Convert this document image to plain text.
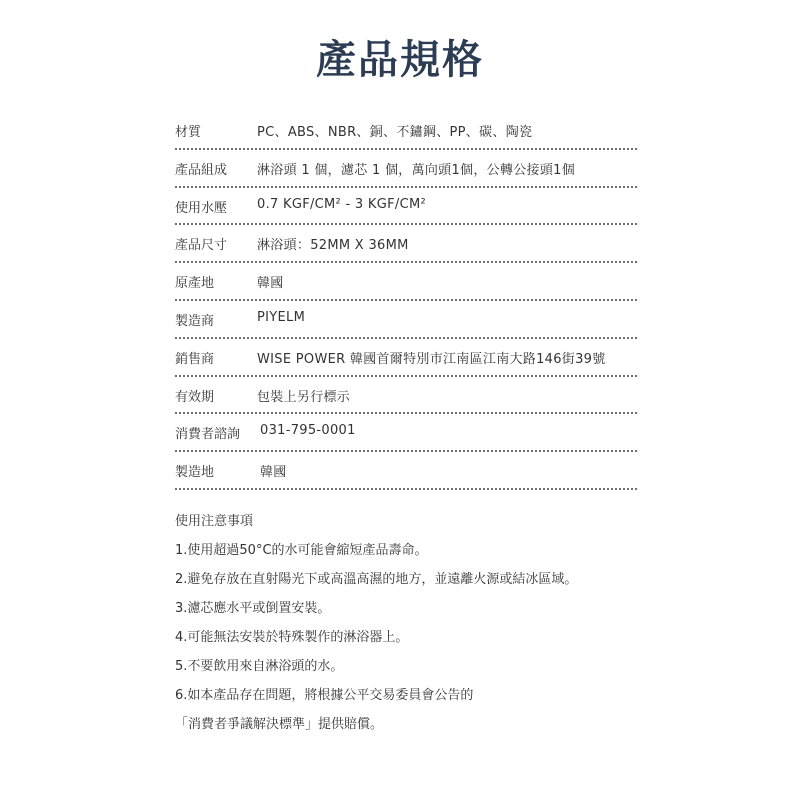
產品規格
材質	PC、ABS、NBR、銅、不鏽鋼、PP、碳、陶瓷
產品組成 淋浴頭 1 個，濾芯 1 個，萬向頭1個，公轉公接頭1個
使用水壓 0.7 KGF/CM² - 3 KGF/CM²
產品尺寸 淋浴頭：52MM X 36MM
原產地	韓國
製造商	PIYELM
銷售商	WISE POWER 韓國首爾特別市江南區江南大路146街39號
有效期	包裝上另行標示
消費者諮詢 031-795-0001
製造地	韓國
使用注意事項
1.使用超過50°C的水可能會縮短產品壽命。
2.避免存放在直射陽光下或高溫高濕的地方，並遠離火源或結冰區域。
3.濾芯應水平或倒置安裝。
4.可能無法安裝於特殊製作的淋浴器上。
5.不要飲用來自淋浴頭的水。
6.如本產品存在問題，將根據公平交易委員會公告的
「消費者爭議解決標準」提供賠償。
